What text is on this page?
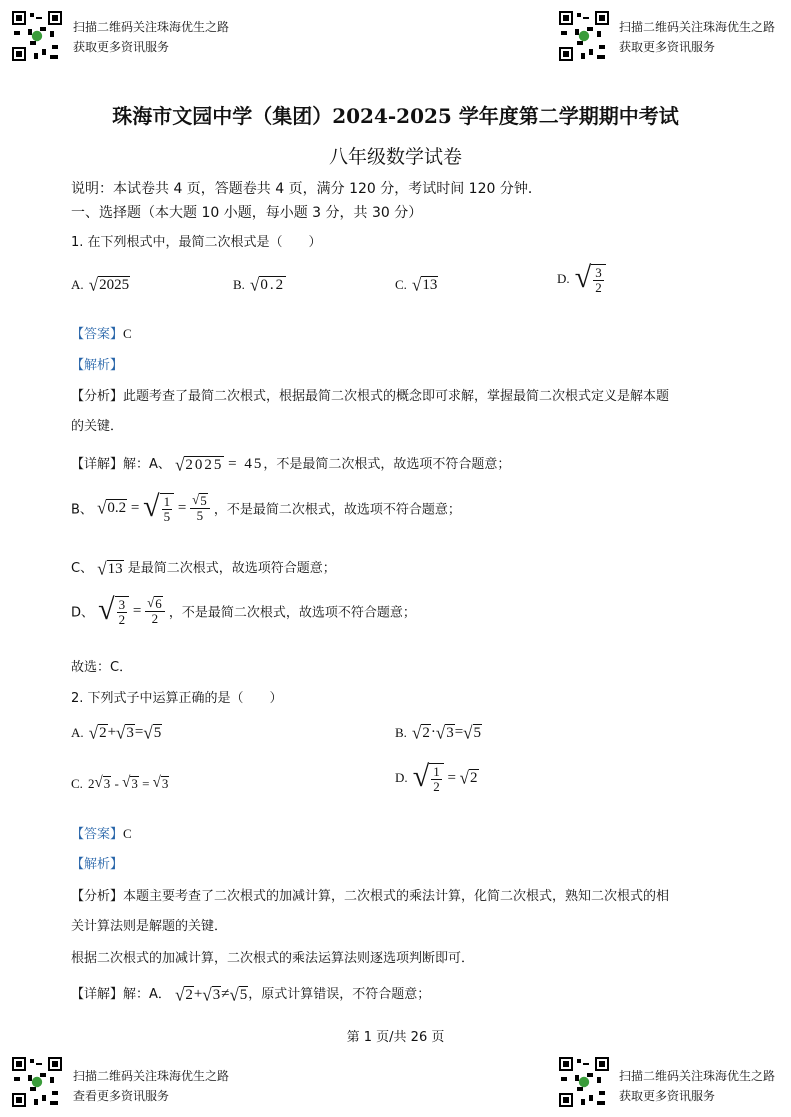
扫描二维码关注珠海优生之路
获取更多资讯服务
扫描二维码关注珠海优生之路
获取更多资讯服务
珠海市文园中学（集团）2024-2025 学年度第二学期期中考试
八年级数学试卷
说明：本试卷共 4 页，答题卷共 4 页，满分 120 分，考试时间 120 分钟．
一、选择题（本大题 10 小题，每小题 3 分，共 30 分）
1. 在下列根式中，最简二次根式是（　　）
A. √ 2025	B. √ 0.2	C. √ 13	D. √ $\frac{3}{2}$
【答案】C
【解析】
【分析】此题考查了最简二次根式，根据最简二次根式的概念即可求解，掌握最简二次根式定义是解本题
的关键．
【详解】解：A、 √ 2025
= 45 ，不是最简二次根式，故选项不符合题意；
B、 √ 0.2 = √ $\frac{1}{5} = \frac{√ 5}{5}$ ，不是最简二次根式，故选项不符合题意；
C、 √ 13 是最简二次根式，故选项符合题意；
D、 √ $\frac{3}{2} = \frac{√ 6}{2}$ ，不是最简二次根式，故选项不符合题意；
故选：C．
2. 下列式子中运算正确的是（　　）
A. √ 2 + √ 3 = √ 5	B. √ 2 · √ 3 = √ 5
C. 2 √ 3
-
√ 3
=
√ 3	D. √ $\frac{1}{2}$
=
√ 2
【答案】C
【解析】
【分析】本题主要考查了二次根式的加减计算，二次根式的乘法计算，化简二次根式，熟知二次根式的相
关计算法则是解题的关键．
根据二次根式的加减计算，二次根式的乘法运算法则逐选项判断即可．
【详解】解：A． √ 2 + √ 3 ≠ √ 5 ，原式计算错误，不符合题意；
第 1 页/共 26 页
扫描二维码关注珠海优生之路
查看更多资讯服务
扫描二维码关注珠海优生之路
获取更多资讯服务
